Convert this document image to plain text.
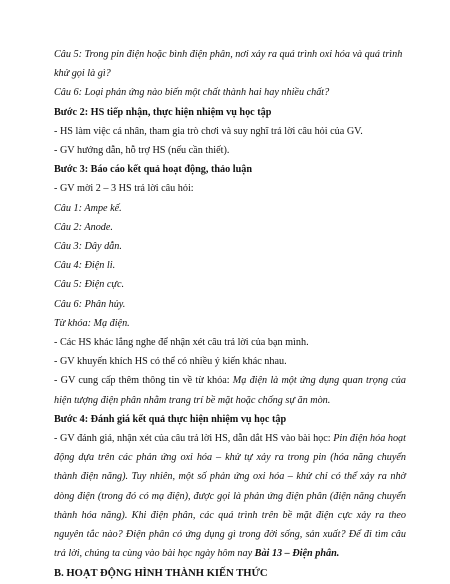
Câu 5: Trong pin điện hoặc bình điện phân, nơi xảy ra quá trình oxi hóa và quá trình
khử gọi là gì?
Câu 6: Loại phản ứng nào biến một chất thành hai hay nhiều chất?
Bước 2: HS tiếp nhận, thực hiện nhiệm vụ học tập
- HS làm việc cá nhân, tham gia trò chơi và suy nghĩ trả lời câu hỏi của GV.
- GV hướng dẫn, hỗ trợ HS (nếu cần thiết).
Bước 3: Báo cáo kết quả hoạt động, thảo luận
- GV mời 2 – 3 HS trả lời câu hỏi:
Câu 1: Ampe kế.
Câu 2: Anode.
Câu 3: Dây dẫn.
Câu 4: Điện li.
Câu 5: Điện cực.
Câu 6: Phân hủy.
Từ khóa: Mạ điện.
- Các HS khác lắng nghe để nhận xét câu trả lời của bạn mình.
- GV khuyến khích HS có thể có nhiều ý kiến khác nhau.
- GV cung cấp thêm thông tin về từ khóa: Mạ điện là một ứng dụng quan trọng của hiện tượng điện phân nhằm trang trí bề mặt hoặc chống sự ăn mòn.
Bước 4: Đánh giá kết quả thực hiện nhiệm vụ học tập
- GV đánh giá, nhận xét của câu trả lời HS, dẫn dắt HS vào bài học: Pin điện hóa hoạt động dựa trên các phản ứng oxi hóa – khử tự xảy ra trong pin (hóa năng chuyển thành điện năng). Tuy nhiên, một số phản ứng oxi hóa – khử chỉ có thể xảy ra nhờ dòng điện (trong đó có mạ điện), được gọi là phản ứng điện phân (điện năng chuyển thành hóa năng). Khi điện phân, các quá trình trên bề mặt điện cực xảy ra theo nguyên tắc nào? Điện phân có ứng dụng gì trong đời sống, sản xuất? Để đi tìm câu trả lời, chúng ta cùng vào bài học ngày hôm nay Bài 13 – Điện phân.
B. HOẠT ĐỘNG HÌNH THÀNH KIẾN THỨC
